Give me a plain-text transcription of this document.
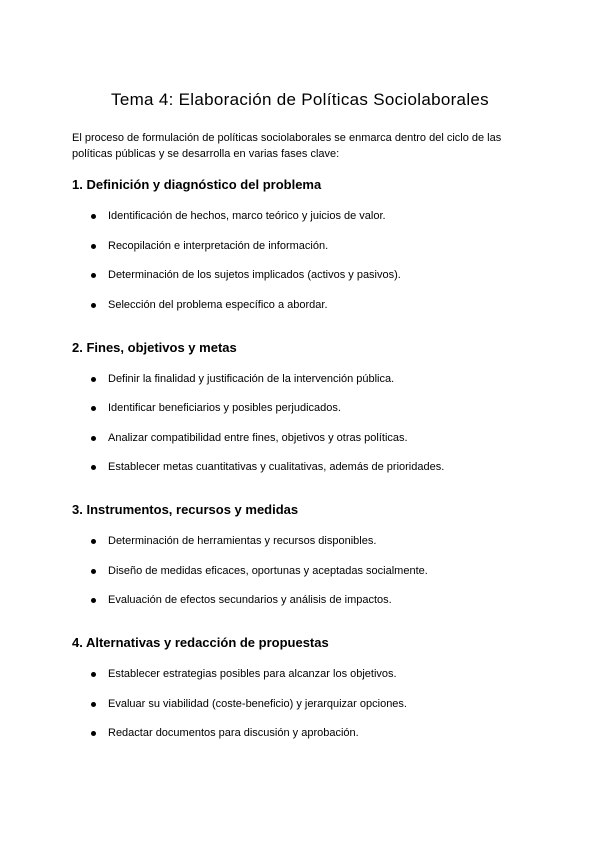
Tema 4: Elaboración de Políticas Sociolaborales

El proceso de formulación de políticas sociolaborales se enmarca dentro del ciclo de las políticas públicas y se desarrolla en varias fases clave:

1. Definición y diagnóstico del problema
Identificación de hechos, marco teórico y juicios de valor.
Recopilación e interpretación de información.
Determinación de los sujetos implicados (activos y pasivos).
Selección del problema específico a abordar.
2. Fines, objetivos y metas
Definir la finalidad y justificación de la intervención pública.
Identificar beneficiarios y posibles perjudicados.
Analizar compatibilidad entre fines, objetivos y otras políticas.
Establecer metas cuantitativas y cualitativas, además de prioridades.
3. Instrumentos, recursos y medidas
Determinación de herramientas y recursos disponibles.
Diseño de medidas eficaces, oportunas y aceptadas socialmente.
Evaluación de efectos secundarios y análisis de impactos.
4. Alternativas y redacción de propuestas
Establecer estrategias posibles para alcanzar los objetivos.
Evaluar su viabilidad (coste-beneficio) y jerarquizar opciones.
Redactar documentos para discusión y aprobación.
